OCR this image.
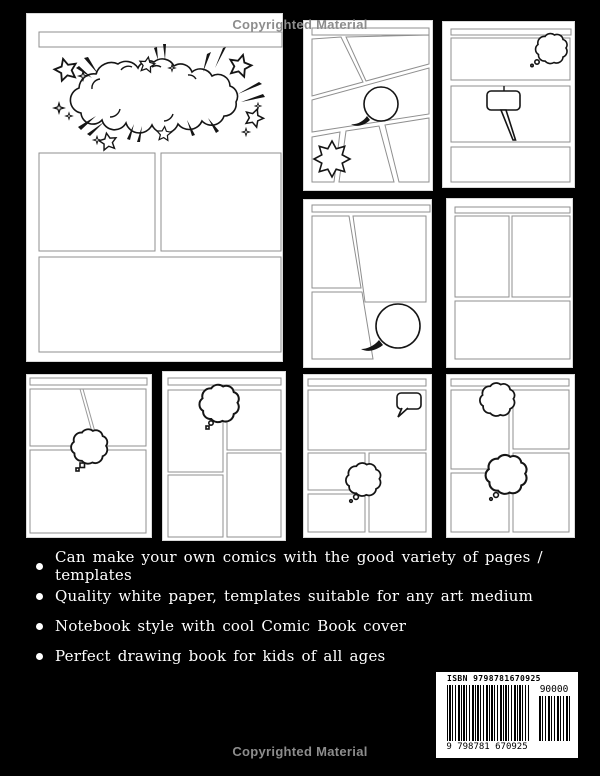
Copyrighted Material
Can make your own comics with the good variety of pages / templates
Quality white paper, templates suitable for any art medium
Notebook style with cool Comic Book cover
Perfect drawing book for kids of all ages
ISBN 9798781670925
9 798781 670925
90000
Copyrighted Material
